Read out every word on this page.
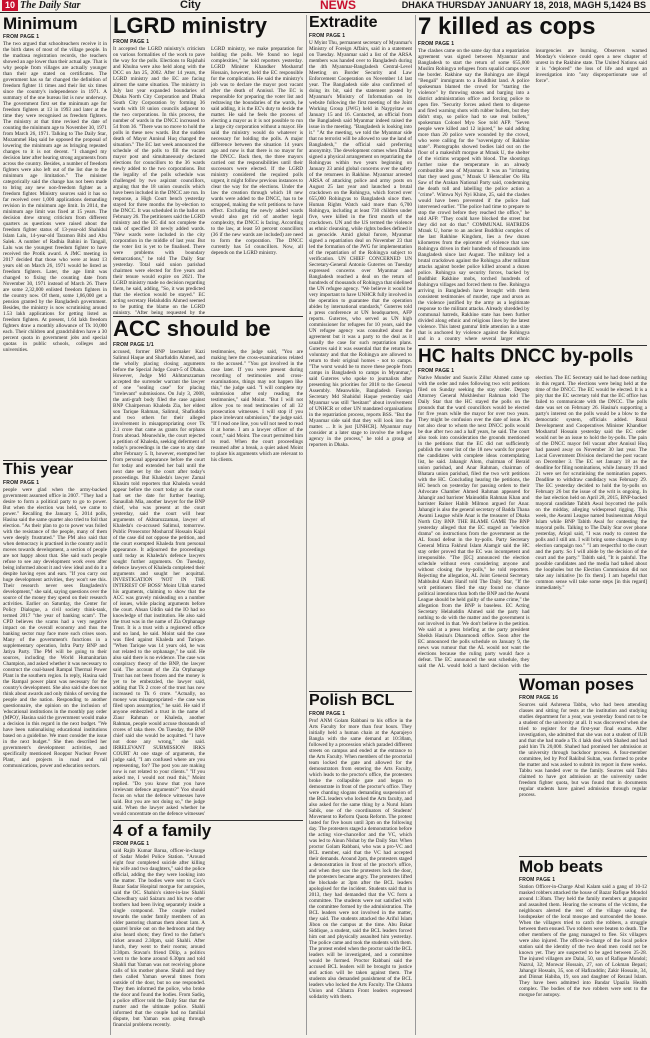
10 The Daily Star	City	NEWS	DHAKA THURSDAY JANUARY 18, 2018, MAGH 5,1424 BS
Minimum
FROM PAGE 1
The two argued that schoolteachers receive it in the birth dates of most of the village people. In the madrasa registration records, the teachers showed an age lower than their actual age. That is why people from villages are actually younger than their age stated on certificates. The government has so far changed the definition of freedom fighter 11 times and their list six times since the country's independence in 1971. A summary of the one bureau list is now underway. The government first set the minimum age for freedom fighters at 13 in 1993 and later at the time they were recognised as freedom fighters. The ministry at that time revised the date of counting the minimum age to November 30, 1971 from March 26, 1971. Talking to The Daily Star, Mozammel Haq said he opposed the proposal of lowering the minimum age as bringing repeated changes to it is not decent. "I changed my decision later after hearing strong arguments from across the country. Besides, a number of freedom fighters were also left out of the list due to the minimum age limitation." The minister categorically said the change has not been made to bring any new non-freedom fighter as a freedom fighter. Ministry sources said it has so far received over 1,000 applications demanding revision in the minimum age limit. In 2014, the minimum age limit was fixed at 15 years. The decision drew strong criticism from different quarters as questions were raised about the freedom fighter status of 13-year-old Shahidul Islam Lalu, 14-year-old Taramon Bibi and Abu Salek. A number of Radhia Bahini in Tangail, Lalu was the youngest freedom fighter to have received the Protik award. A JMC meeting in 2017 decided that those who were at least 13 years old on March 26, 1971 would be listed as freedom fighters. Later, the age limit was changed to fixing the counting date from November 30, 1971 instead of March 26. There are some 2,32,000 enlisted freedom fighters in the country now. Of them, some 1,86,000 get a pension granted by the Bangladesh government. Besides, the ministry is now scrutinising around 1.53 lakh applications for getting listed as freedom fighters. At present, 1.64 lakh freedom fighters draw a monthly allowance of Tk 10,000 each. Their children and grandchildren have a 30 percent quota in government jobs and special quotas in public schools, colleges and universities.
This year
FROM PAGE 1
people were glad when the army-backed government assumed office in 2007. "They had a desire to form a political party to go to power. But when the election was held, we came to power." Recalling the January 5, 2014 polls, Hasina said the same quarter also tried to foil that election. "As their plan to go to power was foiled with the resistance of the people, many of them were deeply frustrated." The PM also said that when democracy is practised in the country and it moves towards development, a section of people are not happy about that. She said such people refuse to see any development work even after being informed about it and view ideal and do it a despite having eyes and ears. "If you carry out huge development activities, they won't see this. Their research never sees Bangladesh's development," she said, saying questions over the source of the money they spend on their research activities. Earlier on Saturday, the Center for Policy Dialogue, a civil society think-tank, termed 2017 "the year of banking scam". The CPD believes the scams had a very negative impact on the overall economy and thus the banking sector may face more such crises soon. Many of the government's functions in a supplementary operation, Infra Party BNP and Jatiya Party. The PM will be going to their sources, including the World Humanitarian Champion, and asked whether it was necessary to construct the coal-based Rampal Thermal Power Plant in the southern region. In reply, Hasina said the Rampal power plant was necessary for the country's development. She also said she does not think about awards and only thinks of serving the people and the nation. Responding to another questionnaire, she opinion on the inclusion of 'educational institutions in the monthly pay order (MPO)', Hasina said the government would make a decision in this regard in the next budget. "We have been nationalising educational institutions based on a guideline. We must consider the issue in the next budget." She then described her government's development activities, and specifically mentioned Rooppur Nuclear Power Plant, and projects in road and rail communications, power and education sectors.
LGRD ministry
FROM PAGE 1
It accepted the LGRD ministry's criticism on various formalities of the work to pave the way for the polls. Elections to Rajshahi and Khulna were also held along with the DCC on Jan 25, 2002. After 14 years, the LGRD ministry and the EC are facing almost the same situation. The ministry in July last year expanded boundaries of Dhaka North City Corporation and Dhaka South City Corporation by forming 36 wards with 18 union councils adjacent to the two corporations. In this process, the number of wards in the DNCC increased to 54 from 36. "There was no move to hold the polls in these new wards. But the sudden death of Mayor Annisul Huq changed the situation." The EC last week announced the schedule of the polls to fill the vacant mayor post and simultaneously declared elections for councillors to the 36 wards newly added to the two corporations. But the legality of the polls schedule was challenged by two aspirant councillors, arguing that the 18 union councils which have been included in the DNCC are run. In response, a High Court bench yesterday stayed for three months the by-election to the DNCC. It was scheduled in the ballot on February 26. The petitioners said the LGRD ministry and the EC did not complete the task of specified 18 newly added wards. "New wards were included in the city corporation in the middle of last year. But the voter list is yet to be finalised. There were problems with boundary demarcations," he told The Daily Star yesterday. Total said union parishad chairmen were elected for five years and their tenure would expire on 2021. The LGRD ministry made no decision regarding them, he said, adding, "So, it was predicted that the election would be stayed." EC acting secretary Helaluddin Ahmed seemed to be putting the blame on the LGRD ministry. "After being requested by the LGRD ministry, we make preparation for holding the polls. We found no legal complexities," he told reporters yesterday. LGRD Minister Khandker Mosharraf Hossain, however, held the EC responsible for the complication. He said the ministry's job was to declare the mayor post vacant after the death of Annisul. The EC is responsible for preparing the voter list and redrawing the boundaries of the wards, he said adding, it is the EC's duty to decide the matter. He said he feels the process of electing a mayor as it is not possible to run a large city corporation without a mayor. He said the ministry would do whatever is necessary for holding the polls. A major difference between the situation 14 years ago and now is that there is no mayor for the DNCC. Back then, the three mayors carried out the responsibilities until their successors were elected. If the LGRD ministry considered the required polls urgent, it might follow previous instances to clear the way for the elections. Under the law the creation through which 18 new wards were added to the DNCC, has to be scrapped, making the writ petitions to have effect. Excluding the newly added wards would also get rid of another legal complexity, the DNCC is facing. According to the law, at least 50 percent councillors (36 if the new wards are included) are need to form the corporation. The DNCC currently has 54 councillors. Now, all depends on the LGRD ministry.
ACC should be
FROM PAGE 1/1
accused, former BNP lawmaker Kazi Salimul Haque and Sharfuddin Ahmed, and the wholly placing closing arguments before the Special Judge Court-5 of Dhaka. However, Judge Md Akhtaruzzaman accepted the surrender warrant the lawyer of one "sealing case" for placing "irrelevant" submissions. On July 3, 2008, the anti-graft body filed the case against BNP Chairperson Khaleda Zia, her eldest son Tarique Rahman, Salimul, Shafiuddin and two others for their alleged involvement in misappropriating over Tk 2.1 crore that came as grants for orphans from abroad. Meanwhile, the court rejected a petition of Khaleda, seeking deferment of today's proceedings in the case to any date after February 5. It, however, exempted her from personal appearance before the court for today and extended her bail until the next date set by the court after today's proceedings. But Khaleda's lawyer Zamal Khasim told reporters that Khaleda would appear before the court today as the court had set the date for further hearing. Sanaullah Mia, another lawyer for the BNP chief, who was present at the court yesterday, said the court will hear arguments of Akhtaruzzaman, lawyer of Khaleda's co-accused Salimul, tomorrow. Public Prosecutor Mosharraf Hossain Kajal of the case did not oppose the petition, and the court exempted Khaleda from personal appearance. It adjourned the proceedings until today as Khaleda's defence lawyers sought further arguments. On Tuesday, defence lawyers of Khaleda completed their arguments and sought her acquittal. INVESTIGATION 'NOT IN THE INTEREST OF BOSS' Moint Ullah started his arguments, claiming to show that the ACC was gravely misleading on a number of issues, while placing arguments before the court. Ahsan Uddin said the IO had no knowledge of that institution. He also said the trust was in the name of Zia Orphanage Trust. It is a trust with a registered office and no land, he said. Moint said the case was filed against Khaleda and Tarique. "When Tarique was 14 years old, he was not related to the orphanage," he said. He also said there is no evidence. The case was conspiracy theory of the BNP, the lawyer said. The account of the Zia Orphanage Trust has not been frozen and the money is yet to be embezzled, the lawyer said, adding that Tk 2 crore of the trust has now increased to Tk 6 crore. "Actually, no money was misappropriated - the case was filed upon assumption," he said. He said if anyone embezzled a trust in the name of Ziaur Rahman or Khaleda, another Rahman, people would accuse thousands of crores of taka there. On Tuesday, the BNP chief said she would be acquitted. "I have not done any wrong," she said. IRRELEVANT SUBMISSION IRKS COURT At one stage of arguments, the judge said, "I am confused where are you representing, for? The post you are making now is not related to your clients." "If you asked me, I would not read this," Moint replied. "Do you know that you have irrelevant defence arguments?" Yoo should focus on what the defence witnesses have said. But you are not doing so," the judge said. When the lawyer asked whether he would concentrate on the defence witnesses' testimonies, the judge said, "You are making here the cross-examinations related to the accused." "You got involved in the case later. If you were present during recording of testimonies and cross-examinations, things may not happen like this," the judge said. "I will complete my submission after only reading the testimonies," said Moint. "But I will not allow you to read testimonies of all 32 prosecution witnesses. I will stop if you place irrelevant submission," the judge said. "If I read one line, you will not need to read it at home. I am a lawyer officer of the court," said Moint. The court permitted him to read. When the court proceedings resumed after a break, a quiet asked Moint to place his arguments which are relevant to his clients.
4 of a family
FROM PAGE 1
said Rajib Kumar Barua, officer-in-charge of Sadar Model Police Station. "Around eight four completed suicide after killing his wife and two daughters," said the police official, adding the they were looking into the matter. The bodies were sent to Cox's Bazar Sadar Hospital morgue for autopsies, said the OC. Shahin's sister-in-law Shahli Chowdhury said Saizuru and his two other brothers had been living separately inside a single compound. The couple rushed towards the under family members of an older pastoring chamas them about 1am. A quarrel broke out on the bedroom and they also heard shots; they fired to the father's ticket around 2.30pm, said Shahli. After lunch, they went to their rooms; around 3:30pm. Stavan's friend Dilip, a politics went to the home around 6.30pm and told Shahli that Yaman was not receiving phone calls of his mother phone. Shahli and they then called Yaman several times from outside of the door, but no one responded. They then informed the police, who broke the door and found the bodies. From Sadiq, a police officer told the Daily Star that the matter and the ultimate police. Shahli informed that the couple had no familial dispute, but Yaman was going through financial problems recently.
Extradite
FROM PAGE 1
U Myint Thu, permanent secretary of Myanmar's Ministry of Foreign Affairs, said in a statement on Tuesday. Myanmar said a list of the ARSA members was handed over to Bangladesh during the 4th Myanmar-Bangladesh Central-Level Meeting on Border Security and Law Enforcement Cooperation on November 14 last year. The Bangladesh side also confirmed of doing its bit, said the statement posted by Myanmar's Ministry of Information on its website following the first meeting of the Joint Working Group (JWG) held in Naypyitaw on January 15 and 16. Contacted, an official from the Bangladesh said Myanmar indeed raised the issue in the meeting. "Bangladesh is looking into it." "At the meeting, we told the Myanmar side that no terrorist will be allowed to use the land of Bangladesh," the official said preferring anonymity. The development comes when Dhaka signed a physical arrangement on repatriating the Rohingyas within two years beginning on January 23 amid global concerns over the safety of the returnees in Rakhine. Myanmar arrested ARSA of attacking police and army posts on August 25 last year and launched a brutal crackdown on the Rohingya, which forced over 655,000 Rohingyas to Bangladesh since then. Human Rights Watch said more than 6,700 Rohingya, including at least 730 children under five, were killed in the first month of the crackdown. UN and the US termed the violence as ethnic cleansing, while rights bodies defined it as genocide. Amid global furore, Myanmar signed a repatriation deal on November 23 that led the formation of the JWG for implementation of the repatriation of the Rohingya subject to verification. UN CHIEF CONCERNED UN Secretary-General Antonio Guterres on Tuesday expressed concerns over Myanmar and Bangladesh reached a deal on the return of hundreds of thousands of Rohingya that sidelined the UN refugee agency. "We believe it would be very important to have UNHCR fully involved in the operation to guarantee that the operation abides by international standards," Guterres told a press conference at UN headquarters, AFP reports. Guterres, who served as UN high commissioner for refugees for 10 years, said the UN refugee agency was consulted about the agreement but it was a party to the deal as it usually the case for such repatriation plans. Guterres said it was essential that the returns be voluntary and that the Rohingya are allowed to return to their original homes - not to camps. "The worst would be to move these people from camps in Bangladesh to camps in Myanmar," said Guterres who spoke to journalists after presenting his priorities for 2018 to the General Assembly. Meanwhile, Bangladesh Foreign Secretary Md Shahidul Haque yesterday said Myanmar was still "hesitant" about involvement of UNHCR or other UN mandated organisations in the repatriation process, reports BSS. "But the Myanmar side said that they will look into the matter. ... It is just [UNHCR]. Myanmar may consider at a later stage to involve the refugee agency in the process," he told a group of reporters in Dhaka.
Polish BCL
FROM PAGE 1
Prof ANM Golam Rabbani to his office in the Arts Faculty for more than four hours. They initially held a human chain at the Aparajeyo Bangla with the same demand at 10:30am, followed by a procession which paraded different streets on campus and ended at the entrance to the Arts Faculty. When members of the proctorial team locked the gate and allowed for the demonstrators from entering the Arts Faculty, which leads to the proctor's office, the protesters broke the collapsible gate and began to demonstrate in front of the proctor's office. They were chanting slogans demanding suspension of the BCL leaders who locked the Arts faculty, and also asked for the same thing by a Nurul Islam Sabik, one of the coordinators of Students' Movement to Reform Quota Reform. The protest lasted for five hours until 3pm on the following day. The protesters staged a demonstration before the acting vice-chancellor and the VC, which was led to Ainun Nishat by the Daily Star. When proctor Golam Rabbani, who was a pro-VC and BCL member, said that the VC had accepted their demands. Around 2pm, the protesters staged a demonstration in front of the proctor's office, and when they saw the protesters lock the door, the protesters became angry. The protesters lifted the blockade at 3pm after the BCL leaders apologised for the incident. Students said that in 2013, they had demanded that the VC form a committee. The students were not satisfied with the committee formed by the administration. The BCL leaders were not involved in the matter, they said. The students attacked the Ariful Islam Jibon on the campus at the time. Abu Bakar Siddique, a student, said the BCL leaders forced him out and physically assaulted him yesterday. The police came and took the students with them. The protest ended when the proctor said the BCL leaders will be investigated, and a committee would be formed. Proctor Rabbani said the accused BCL leaders will be brought to justice and action will be taken against them. The students also demanded punishment of the BCL leaders who locked the Arts Faculty. The Chhatra Union and Chhatra Front leaders expressed solidarity with them.
7 killed as cops
FROM PAGE 1
The clashes came on the same day that a repatriation agreement was signed between Myanmar and Bangladesh to start the return of some 655,000 Muslim Rohingya refugees from squalid camps over the border. Rakhine say the Rohingya are illegal "Bengali" immigrants to a Buddhist land. A police spokesman blamed the crowd for "starting the violence" by throwing stones and barging into a district administration office and forcing police to open fire. "Security forces asked them to disperse and fired warning shots with rubber bullets, but they didn't stop, so police had to use real bullets," spokesman Colonel Myo Soe told AFP. "Seven people were killed and 12 injured," he said adding more than 20 police were wounded by the crowd, who were calling for the "sovereignty of Rakhine state". Photographs showed bodies laid out on the floor of a makeshift morgue at Mrauk U, the shelter of the victims wrapped with blood. The shootings further raise the temperature in an already combustible area of Myanmar. It was an "irritating that they used guns," Mrauk U Hemcalier Oo Hla Saw of the Arakan National Party said, condemning the death toll and labelling the police action a "crime". Wimwa Nyi Nyi Khine, 25, said the clashes would have been prevented if the police had intervened earlier. "The police had time to prepare to stop the crowd before they reached the office," he told AFP. "They could have blocked the street but they did not do that." COMMUNAL HATREDS Mrauk U, home to an ancient Buddhist complex of the last Rakhine Kingdom, lies a few dozen kilometres from the epicentre of violence that saw Rohingya driven in their hundreds of thousands into Bangladesh since last August. The military led a brutal crackdown against the Rohingya after militant attacks against border police killed around a dozen police. Rohingya say security forces, backed by Buddhist Rakhine mobs, torched hundreds of Rohingya villages and forced them to flee. Rohingya arriving in Bangladesh have brought with them consistent testimonies of murder, rape and arson as the violence justified by the army as a legitimate response to the militant attacks. Already shredded by communal hatreds, Rakhine state has been further divided along ethnic and religious lines by the latest violence. This latest gamma' little attention in a state that is anchored by violence against the Rohingya and in a country where several larger ethnic insurgencies are burning. Observers warned Monday's violence could open a new chapter of unrest in the Rakhine state. The United Nations said it is "deplored" the loss of life and urged an investigation into "any disproportionate use of force".
HC halts DNCC by-polls
FROM PAGE 1
Native Munder and Suavis Zillur Ahmed came up with the order and rules following two writ petitions filed on Sunday seeking the stay order. Deputy Attorney General Mokhleshur Rahman told The Daily Star that the HC stayed the polls on the grounds that the ward councillors would be elected for five years while the mayor for over two years. They might be confusion over the date of issue. It's not also clear to whom the next DNCC polls would be due after two and a half years, he said. The court also took into consideration the grounds mentioned in the petitions that the EC did not sufficiently publish the voter list of the 18 new wards for proper the candidates with complete ideas contemplating list, he said. Jahangir Alom, chairman of Beraid union parishad, and Anar Rahman, chairman of Bhatara union parishad, filed the two writ petitions with the HC. Concluding hearing the petitions, the HC bench on yesterday for passing orders to their Advocate Chamber Ahmed Rahman appeared for Jahangir and barrister Mainuddin Rahman Khan and barrister Rainer Habib Milmon argued for Anar. Jahangir is also the general secretary of Badda Thana Awami League while Anar is the treasurer of Dhaka North City BNP. THE BLAME GAME The BNP yesterday alleged that the EC staged an "election drama" on instructions from the government as the AL found defeat in the by-polls. Party Secretary General Mirza Fakhrul Islam Alamgir said the HC stay order proved that the EC was incompetent and irresponsible. "The [EC] announced the election schedule without even considering anyone and without closing the by-polls," he told reporters. Rejecting the allegation, AL Joint General Secretary Mahbubul Alam Hanif told The Daily Star, "If the writ petitioners filed the stay found no chance political intentions than both the BNP and the Awami League should be held guilty of the same crime," the allegation from the BNP is baseless. EC Acting Secretary Helaluddin Ahmed said the party had nothing to do with the matter and the government is not involved in that. We don't believe in the petition. We said at a press briefing at the party president Sheikh Hasina's Dhanmondi office. Soon after the EC announced the polls schedule on January 9, the news was rumour that the AL would not want the elections because the ruling party would face a defeat. The EC announced the seat schedule, they said the AL would hold a hard decision with the election. The EC Secretary said he had done nothing in this regard. The elections were being held at the time of the DNCC. The EC would be elected. It is a pity that the EC secretary told that the EC office has failed to communicate with the DNCC. The polls date was set on February 26. Hasina's supporting a party's interest on the polls would be a blow to the democratic system, officials added. Rural Development and Cooperatives Minister Khandker Mosharraf Hossain yesterday said the EC order would not be an issue to hold the by-polls. The pain of the DNCC mayor fell vacant after Annisul Huq had passed away on November 30 last year. The Local Government Division declared the post vacant on December 3. The EC set January 18 as the deadline for filing nominations, while January 19 and 21 were set for scrutinising the nomination papers. Deadline to withdraw candidacy was February 29. The EC yesterday decided to hold the by-polls on February 26 but the issue of the writ is ongoing. In the last election held on April 28, 2015, BNP-backed mayoral candidate Tabith Awal boycotted the polls on the midday, alleging widespread rigging. This week, the Awami League named businessman Atiqul Islam while BNP Tabith Awal for contesting the mayoral polls. Talking to The Daily Star over phone yesterday, Atiqul said, "I was ready to contest the polls and I still am. I will bring some changes in my election campaign too." "I am respectful to the court and the party. So I will abide by the decision of the court and the party." Tabith said, "It is painful. The possible candidates and the media had talked about the loopholes but the Election Commission did not take any initiative [to fix them]. I am hopeful that common sense will take some steps [in this regard] immediately."
Woman poses
FROM PAGE 16
Sources said Ashreena Tabbu, who had been attending classes and sitting for tests at the institution and studying studies department for a year, was yesterday found not to be a student of the university at all. It was discovered when she tried to register for the first-year final exams. After investigation, she admitted that she was not a student of IUB and that she had made a Tk 4 lakh deal with Shahed and had paid him Tk 20,000. Shahed had promised her admission at the university through backdoor process. A four-member committee, led by Prof Rakibul Sultan, was formed to probe the matter and was asked to submit its report in three weeks. Tabbu was handed over to the family. Sources said Tabu claimed to have got admission at the university under freedom fighter quota, but was found that in documents regular students have gained admission through regular process.
Mob beats
FROM PAGE 1
Station Officer-in-Charge Abul Kalam said a gang of 10-12 masked robbers attacked the house of Bazar Rafique Mondol around 1:30am. They held the family members at gunpoint and assaulted them. Hearing the screams of the victims, the neighbours alerted the rest of the village using the loudspeaker of the local mosque and surrounded the house. When the villagers tried to catch the robbers, a struggle between them ensued. Two robbers were beaten to death. The other members of the gang managed to flee. Six villagers were also injured. The officer-in-charge of the local police station said the identity of the two dead men could not be known yet. They are suspected to be aged between 25-28. The injured villagers are Dalai, 50, son of Rafique Mondol; Nazrul, 32; Monwar Hossain, 27, son of Lokman Bepari; Jahangir Hossain, 35, son of Hafizuddin; Zakir Hossain, 34, and Dinnat Habiba, 19, son and daughter of Rezaul Islam. They have been admitted into Bandar Upazila Health complex. The bodies of the two robbers were sent to the morgue for autopsy.
